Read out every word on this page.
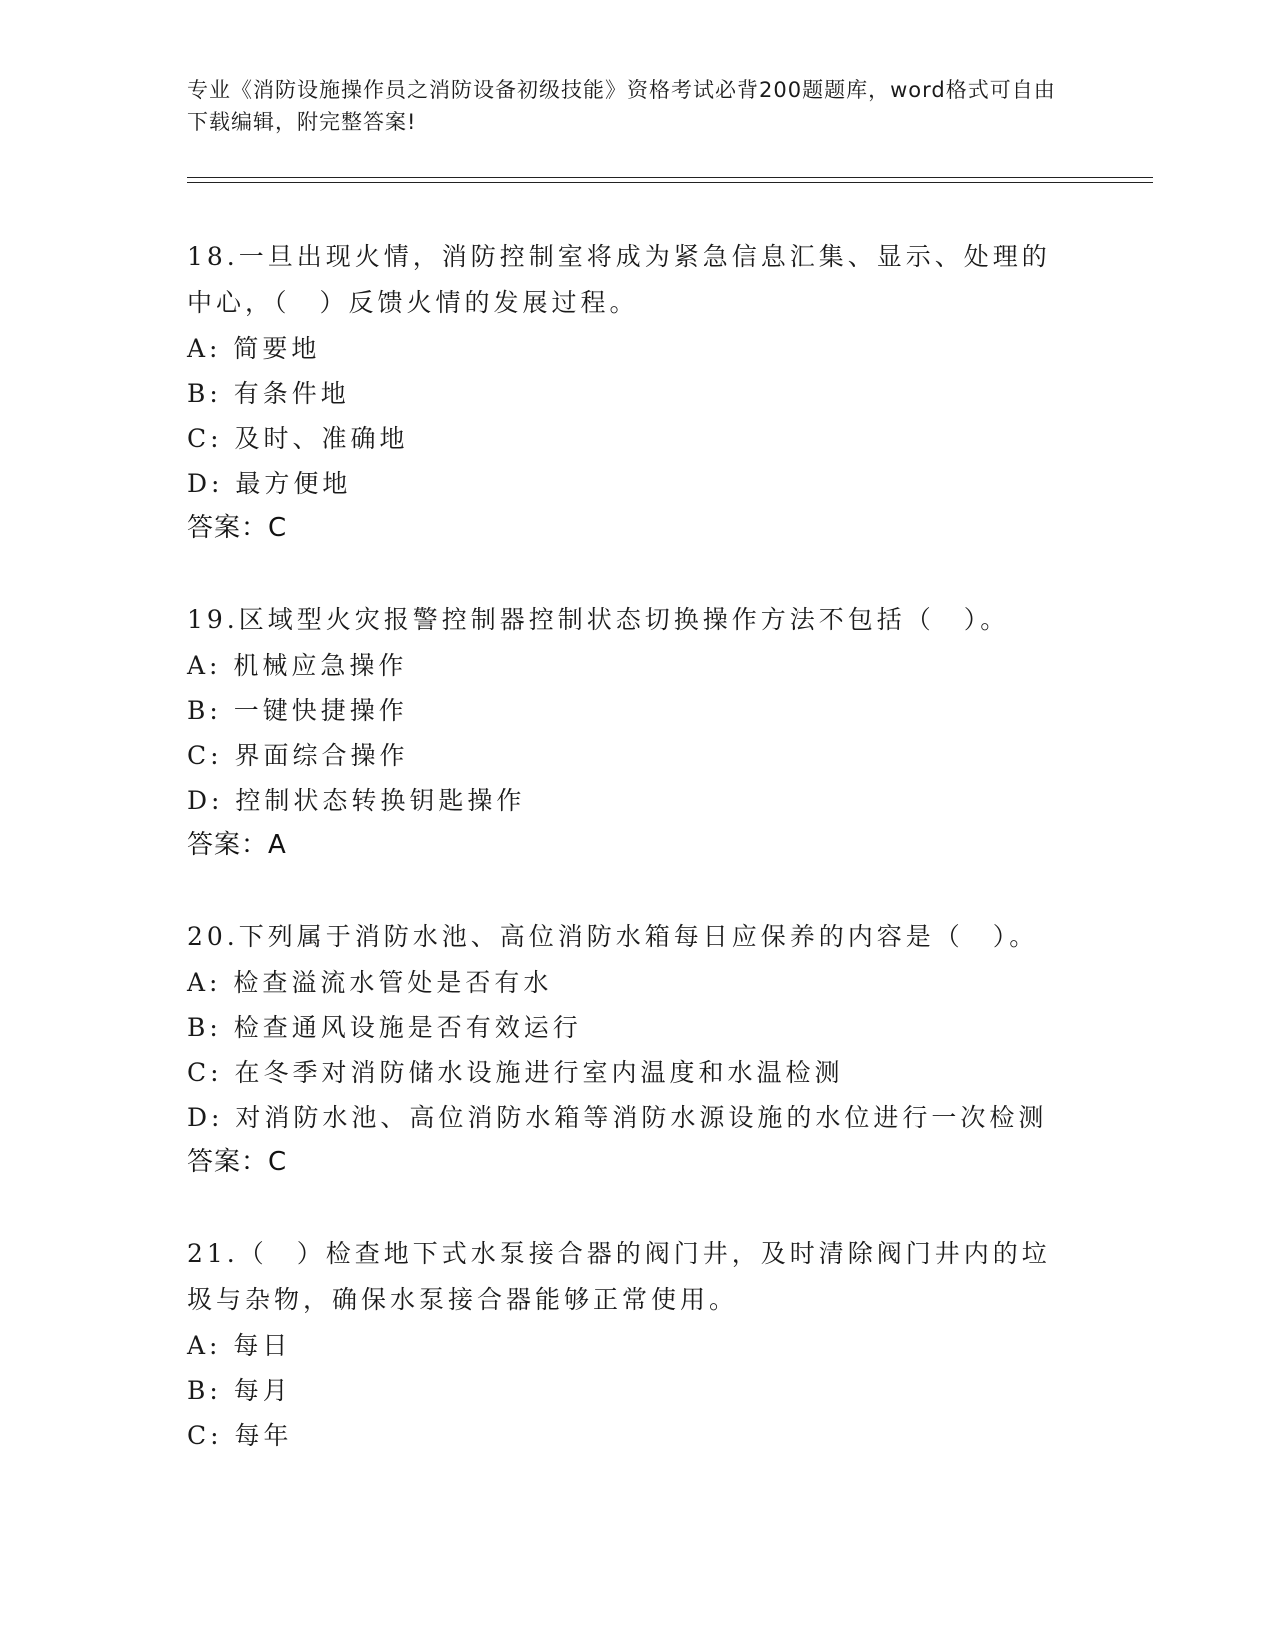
专业《消防设施操作员之消防设备初级技能》资格考试必背200题题库，word格式可自由下载编辑，附完整答案!
18.一旦出现火情，消防控制室将成为紧急信息汇集、显示、处理的中心，（　）反馈火情的发展过程。
A: 简要地
B: 有条件地
C: 及时、准确地
D: 最方便地
答案：C
19.区域型火灾报警控制器控制状态切换操作方法不包括（　）。
A: 机械应急操作
B: 一键快捷操作
C: 界面综合操作
D: 控制状态转换钥匙操作
答案：A
20.下列属于消防水池、高位消防水箱每日应保养的内容是（　）。
A: 检查溢流水管处是否有水
B: 检查通风设施是否有效运行
C: 在冬季对消防储水设施进行室内温度和水温检测
D: 对消防水池、高位消防水箱等消防水源设施的水位进行一次检测
答案：C
21.（　）检查地下式水泵接合器的阀门井，及时清除阀门井内的垃圾与杂物，确保水泵接合器能够正常使用。
A: 每日
B: 每月
C: 每年
